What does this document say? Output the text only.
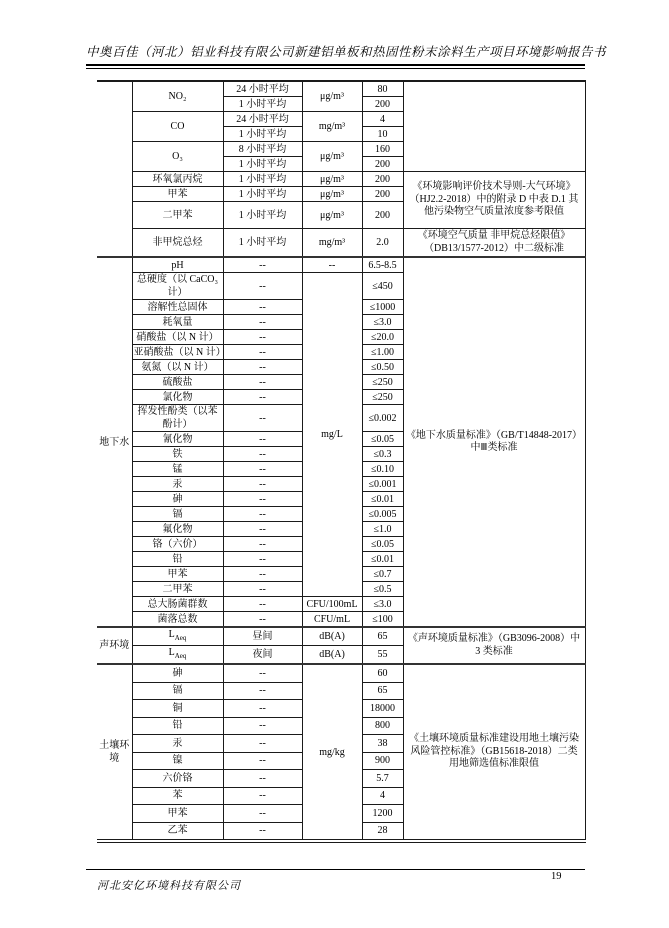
中奥百佳（河北）铝业科技有限公司新建铝单板和热固性粉末涂料生产项目环境影响报告书
	NO₂	24 小时平均	μg/m³	80	
		1 小时平均		200	
	CO	24 小时平均	mg/m³	4	
		1 小时平均		10	
	O₃	8 小时平均	μg/m³	160	
		1 小时平均		200	
	环氧氯丙烷	1 小时平均	μg/m³	200	《环境影响评价技术导则-大气环境》（HJ2.2-2018）中的附录 D 中表 D.1 其他污染物空气质量浓度参考限值
	甲苯	1 小时平均	μg/m³	200	
	二甲苯	1 小时平均	μg/m³	200	
	非甲烷总烃	1 小时平均	mg/m³	2.0	《环境空气质量 非甲烷总烃限值》（DB13/1577-2012）中二级标准
地下水	pH	--	--	6.5-8.5	《地下水质量标准》（GB/T14848-2017）中Ⅲ类标准
	总硬度（以 CaCO₃计）	--	mg/L	≤450	
	溶解性总固体	--		≤1000	
	耗氧量	--		≤3.0	
	硝酸盐（以 N 计）	--		≤20.0	
	亚硝酸盐（以 N 计）	--		≤1.00	
	氨氮（以 N 计）	--		≤0.50	
	硫酸盐	--		≤250	
	氯化物	--		≤250	
	挥发性酚类（以苯酚计）	--		≤0.002	
	氰化物	--		≤0.05	
	铁	--		≤0.3	
	锰	--		≤0.10	
	汞	--		≤0.001	
	砷	--		≤0.01	
	镉	--		≤0.005	
	氟化物	--		≤1.0	
	铬（六价）	--		≤0.05	
	铅	--		≤0.01	
	甲苯	--		≤0.7	
	二甲苯	--		≤0.5	
	总大肠菌群数	--	CFU/100mL	≤3.0	
	菌落总数	--	CFU/mL	≤100	
声环境	$L_{Aeq}$	昼间	dB(A)	65	《声环境质量标准》（GB3096-2008）中 3 类标准
	$L_{Aeq}$	夜间	dB(A)	55	
土壤环境	砷	--	mg/kg	60	《土壤环境质量标准建设用地土壤污染风险管控标准》（GB15618-2018）二类用地筛选值标准限值
	镉	--		65	
	铜	--		18000	
	铅	--		800	
	汞	--		38	
	镍	--		900	
	六价铬	--		5.7	
	苯	--		4	
	甲苯	--		1200	
	乙苯	--		28	
河北安亿环境科技有限公司
19
